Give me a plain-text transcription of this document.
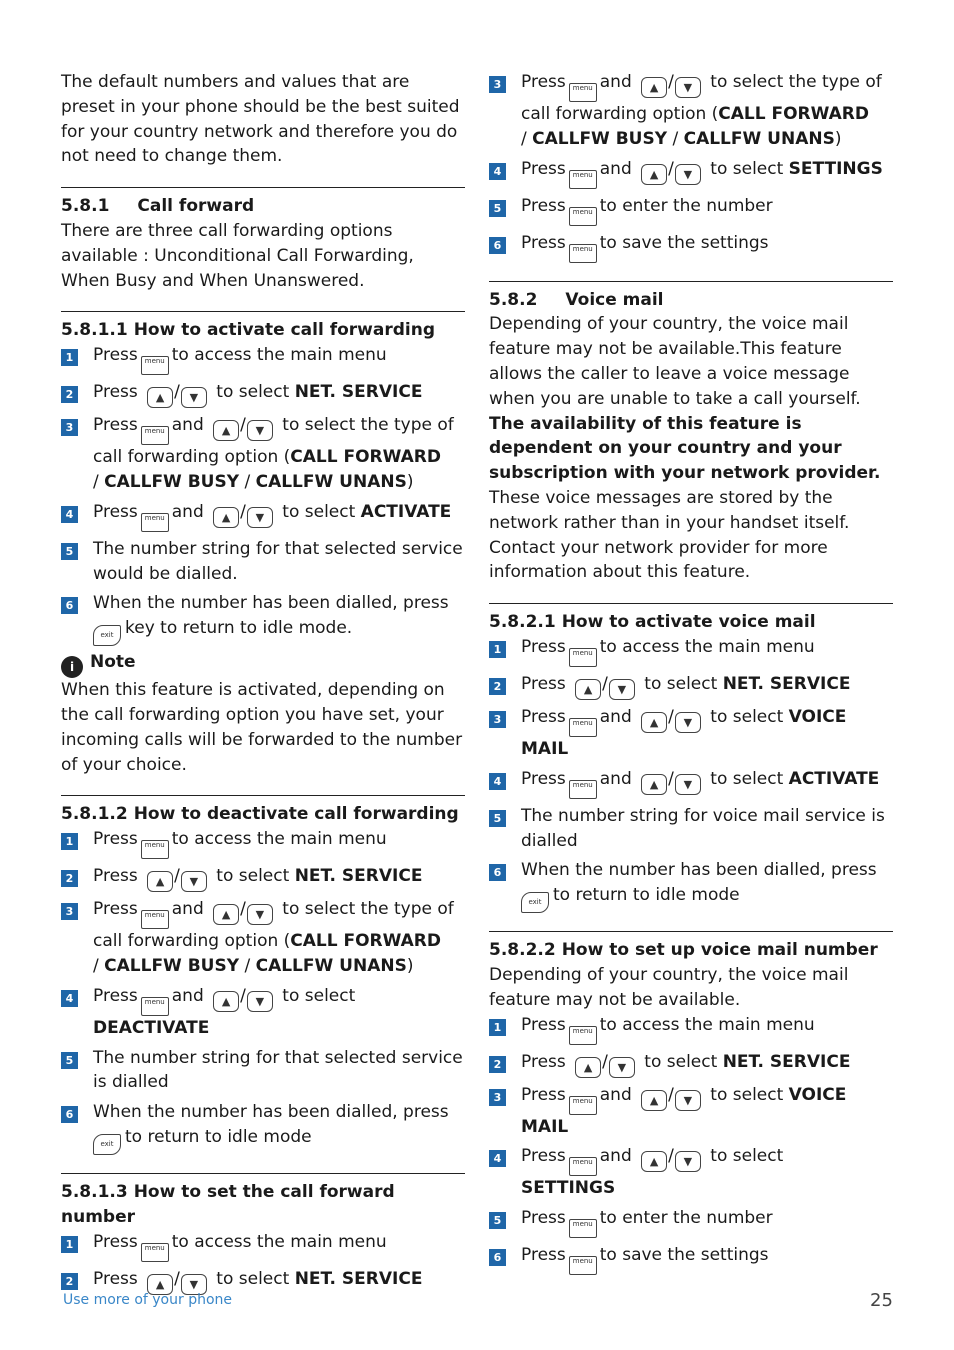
The default numbers and values that are preset in your phone should be the best suited for your country network and therefore you do not need to change them.

5.8.1 Call forward

There are three call forwarding options available : Unconditional Call Forwarding, When Busy and When Unanswered.

5.8.1.1 How to activate call forwarding
1 Press menu to access the main menu
2 Press ▲ / ▼ to select NET. SERVICE
3 Press menu and ▲ / ▼ to select the type of call forwarding option (CALL FORWARD
/ CALLFW BUSY / CALLFW UNANS)
4 Press menu and ▲ / ▼ to select ACTIVATE
5 The number string for that selected service would be dialled.
6 When the number has been dialled, press
exit key to return to idle mode.
i Note

When this feature is activated, depending on the call forwarding option you have set, your incoming calls will be forwarded to the number of your choice.

5.8.1.2 How to deactivate call forwarding
1 Press menu to access the main menu
2 Press ▲ / ▼ to select NET. SERVICE
3 Press menu and ▲ / ▼ to select the type of call forwarding option (CALL FORWARD
/ CALLFW BUSY / CALLFW UNANS)
4 Press menu and ▲ / ▼ to select
DEACTIVATE
5 The number string for that selected service is dialled
6 When the number has been dialled, press
exit to return to idle mode
5.8.1.3 How to set the call forward number
1 Press menu to access the main menu
2 Press ▲ / ▼ to select NET. SERVICE
3 Press menu and ▲ / ▼ to select the type of call forwarding option (CALL FORWARD
/ CALLFW BUSY / CALLFW UNANS)
4 Press menu and ▲ / ▼ to select SETTINGS
5 Press menu to enter the number
6 Press menu to save the settings
5.8.2 Voice mail

Depending of your country, the voice mail feature may not be available.This feature allows the caller to leave a voice message when you are unable to take a call yourself.

The availability of this feature is dependent on your country and your subscription with your network provider.

These voice messages are stored by the network rather than in your handset itself. Contact your network provider for more information about this feature.

5.8.2.1 How to activate voice mail
1 Press menu to access the main menu
2 Press ▲ / ▼ to select NET. SERVICE
3 Press menu and ▲ / ▼ to select VOICE MAIL
4 Press menu and ▲ / ▼ to select ACTIVATE
5 The number string for voice mail service is dialled
6 When the number has been dialled, press
exit to return to idle mode
5.8.2.2 How to set up voice mail number

Depending of your country, the voice mail feature may not be available.

1 Press menu to access the main menu
2 Press ▲ / ▼ to select NET. SERVICE
3 Press menu and ▲ / ▼ to select VOICE MAIL
4 Press menu and ▲ / ▼ to select
SETTINGS
5 Press menu to enter the number
6 Press menu to save the settings
Use more of your phone	25
